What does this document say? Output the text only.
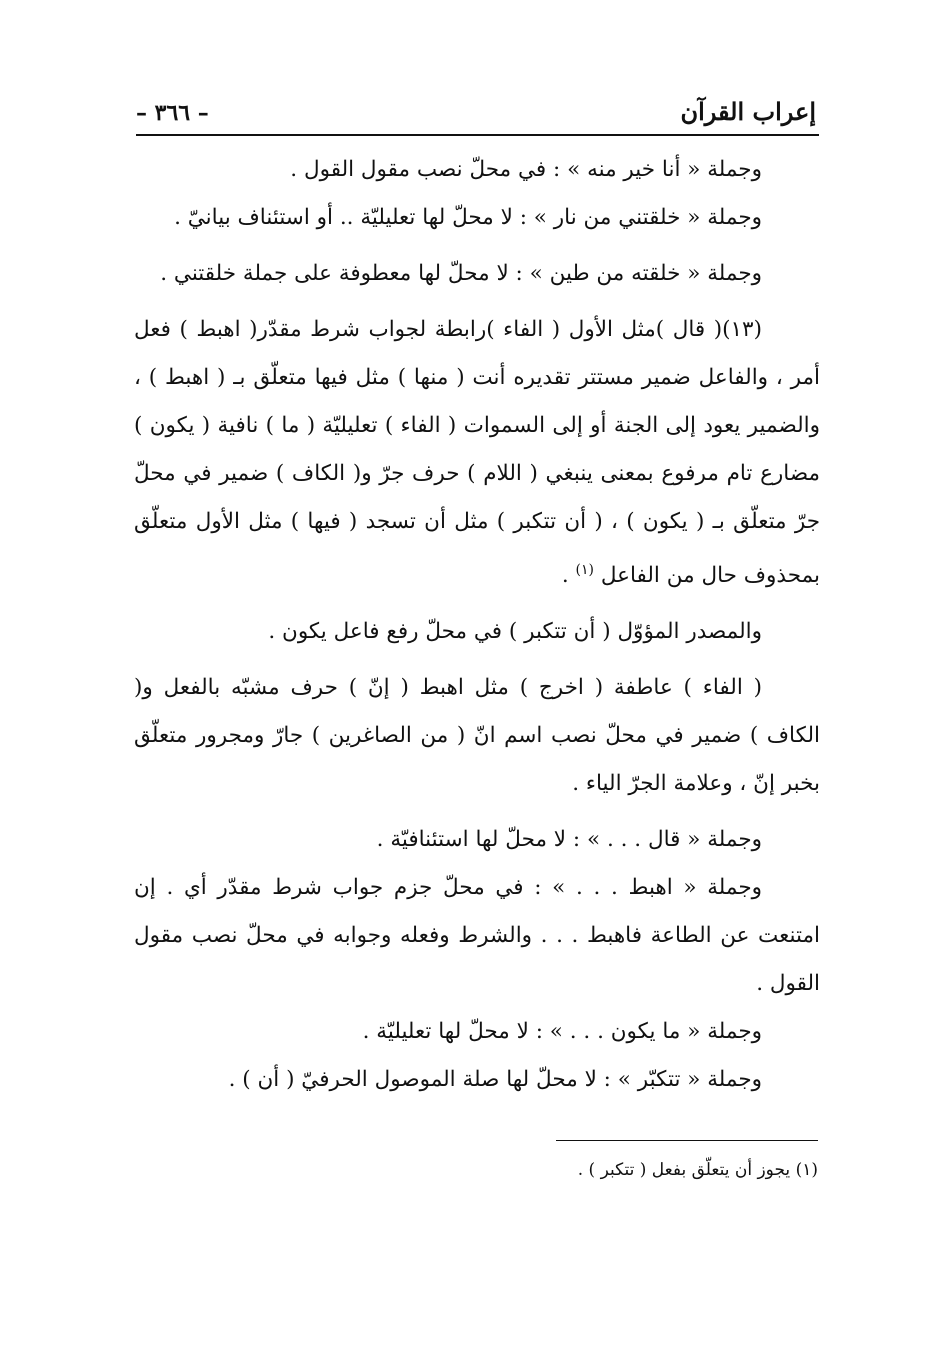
إعراب القرآن
– ٣٦٦ –

وجملة « أنا خير منه » : في محلّ نصب مقول القول .

وجملة « خلقتني من نار » : لا محلّ لها تعليليّة .. أو استئناف بيانيّ .

وجملة « خلقته من طين » : لا محلّ لها معطوفة على جملة خلقتني .

(١٣)( قال )مثل الأول ( الفاء )رابطة لجواب شرط مقدّر( اهبط ) فعل أمر ، والفاعل ضمير مستتر تقديره أنت ( منها ) مثل فيها متعلّق بـ ( اهبط ) ، والضمير يعود إلى الجنة أو إلى السموات ( الفاء ) تعليليّة ( ما ) نافية ( يكون ) مضارع تام مرفوع بمعنى ينبغي ( اللام ) حرف جرّ و( الكاف ) ضمير في محلّ جرّ متعلّق بـ ( يكون ) ، ( أن تتكبر ) مثل أن تسجد ( فيها ) مثل الأول متعلّق بمحذوف حال من الفاعل $^{(١)}$ .

والمصدر المؤوّل ( أن تتكبر ) في محلّ رفع فاعل يكون .

( الفاء ) عاطفة ( اخرج ) مثل اهبط ( إنّ ) حرف مشبّه بالفعل و( الكاف ) ضمير في محلّ نصب اسم انّ ( من الصاغرين ) جارّ ومجرور متعلّق بخبر إنّ ، وعلامة الجرّ الياء .

وجملة « قال . . . » : لا محلّ لها استئنافيّة .

وجملة « اهبط . . . » : في محلّ جزم جواب شرط مقدّر أي . إن امتنعت عن الطاعة فاهبط . . . والشرط وفعله وجوابه في محلّ نصب مقول القول .

وجملة « ما يكون . . . » : لا محلّ لها تعليليّة .

وجملة « تتكبّر » : لا محلّ لها صلة الموصول الحرفيّ ( أن ) .

(١) يجوز أن يتعلّق بفعل ( تتكبر ) .
